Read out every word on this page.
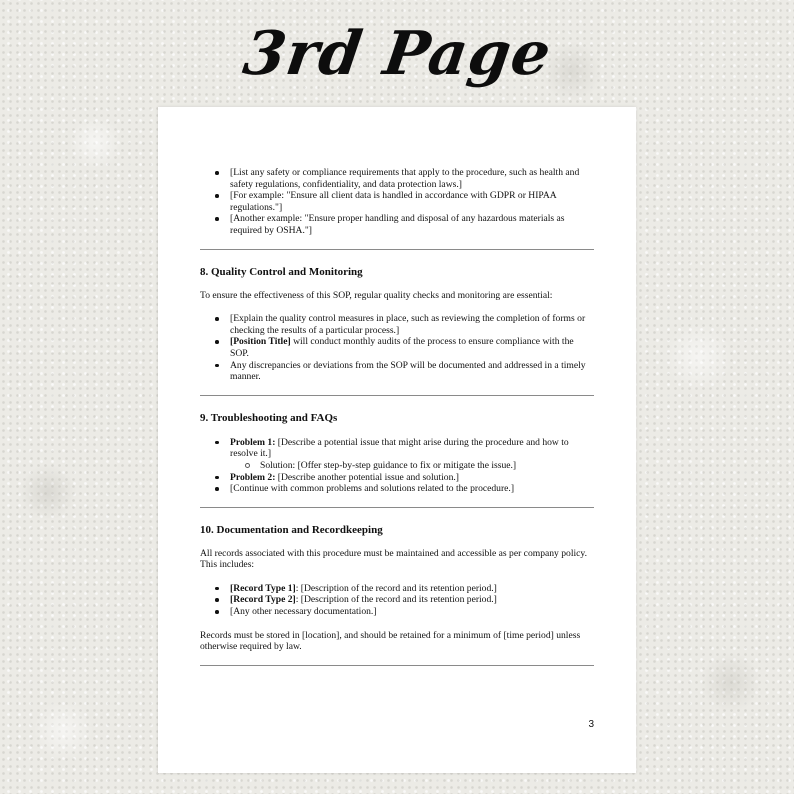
3rd Page
[List any safety or compliance requirements that apply to the procedure, such as health and safety regulations, confidentiality, and data protection laws.]
[For example: "Ensure all client data is handled in accordance with GDPR or HIPAA regulations."]
[Another example: "Ensure proper handling and disposal of any hazardous materials as required by OSHA."]
8. Quality Control and Monitoring

To ensure the effectiveness of this SOP, regular quality checks and monitoring are essential:

[Explain the quality control measures in place, such as reviewing the completion of forms or checking the results of a particular process.]
[Position Title] will conduct monthly audits of the process to ensure compliance with the SOP.
Any discrepancies or deviations from the SOP will be documented and addressed in a timely manner.
9. Troubleshooting and FAQs
Problem 1: [Describe a potential issue that might arise during the procedure and how to resolve it.]
Solution: [Offer step-by-step guidance to fix or mitigate the issue.]
Problem 2: [Describe another potential issue and solution.]
[Continue with common problems and solutions related to the procedure.]
10. Documentation and Recordkeeping

All records associated with this procedure must be maintained and accessible as per company policy. This includes:

[Record Type 1]: [Description of the record and its retention period.]
[Record Type 2]: [Description of the record and its retention period.]
[Any other necessary documentation.]

Records must be stored in [location], and should be retained for a minimum of [time period] unless otherwise required by law.

3
